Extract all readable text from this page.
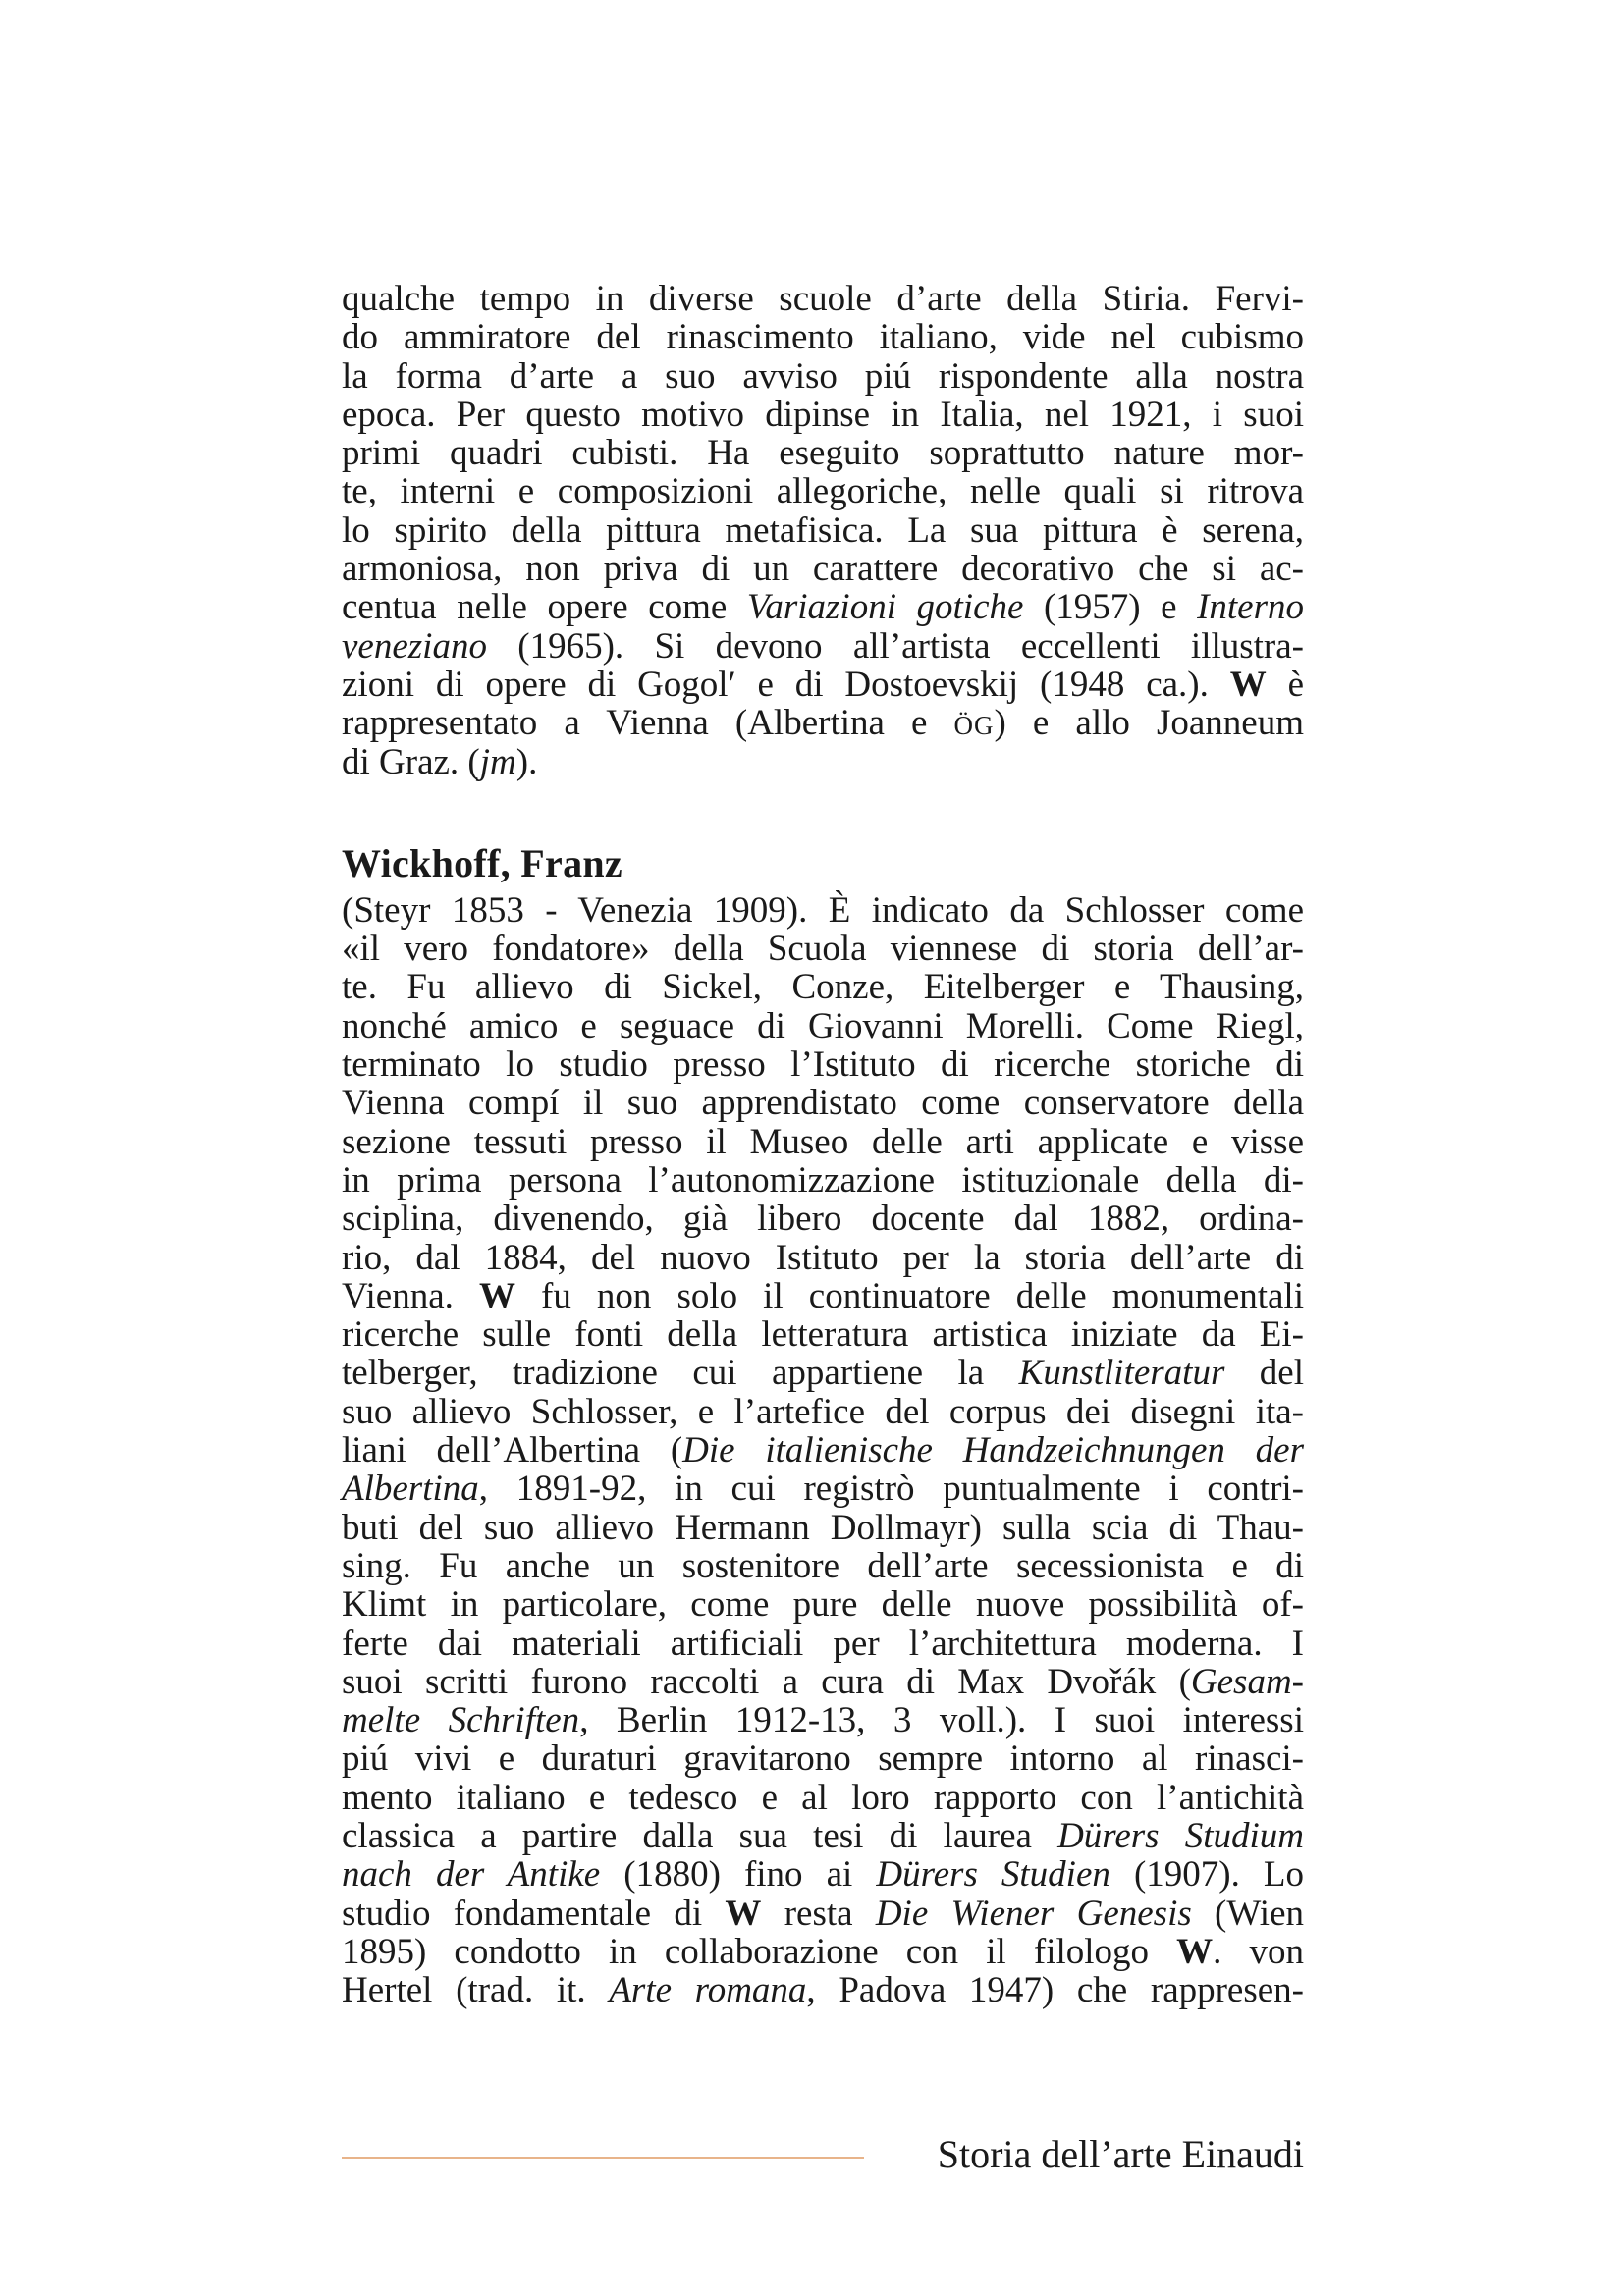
qualche tempo in diverse scuole d’arte della Stiria. Fervi-
do ammiratore del rinascimento italiano, vide nel cubismo
la forma d’arte a suo avviso piú rispondente alla nostra
epoca. Per questo motivo dipinse in Italia, nel 1921, i suoi
primi quadri cubisti. Ha eseguito soprattutto nature mor-
te, interni e composizioni allegoriche, nelle quali si ritrova
lo spirito della pittura metafisica. La sua pittura è serena,
armoniosa, non priva di un carattere decorativo che si ac-
centua nelle opere come Variazioni gotiche (1957) e Interno
veneziano (1965). Si devono all’artista eccellenti illustra-
zioni di opere di Gogol′ e di Dostoevskij (1948 ca.). W è
rappresentato a Vienna (Albertina e ÖG) e allo Joanneum
di Graz. (jm).
Wickhoff, Franz
(Steyr 1853 - Venezia 1909). È indicato da Schlosser come
«il vero fondatore» della Scuola viennese di storia dell’ar-
te. Fu allievo di Sickel, Conze, Eitelberger e Thausing,
nonché amico e seguace di Giovanni Morelli. Come Riegl,
terminato lo studio presso l’Istituto di ricerche storiche di
Vienna compí il suo apprendistato come conservatore della
sezione tessuti presso il Museo delle arti applicate e visse
in prima persona l’autonomizzazione istituzionale della di-
sciplina, divenendo, già libero docente dal 1882, ordina-
rio, dal 1884, del nuovo Istituto per la storia dell’arte di
Vienna. W fu non solo il continuatore delle monumentali
ricerche sulle fonti della letteratura artistica iniziate da Ei-
telberger, tradizione cui appartiene la Kunstliteratur del
suo allievo Schlosser, e l’artefice del corpus dei disegni ita-
liani dell’Albertina (Die italienische Handzeichnungen der
Albertina, 1891-92, in cui registrò puntualmente i contri-
buti del suo allievo Hermann Dollmayr) sulla scia di Thau-
sing. Fu anche un sostenitore dell’arte secessionista e di
Klimt in particolare, come pure delle nuove possibilità of-
ferte dai materiali artificiali per l’architettura moderna. I
suoi scritti furono raccolti a cura di Max Dvořák (Gesam-
melte Schriften, Berlin 1912-13, 3 voll.). I suoi interessi
piú vivi e duraturi gravitarono sempre intorno al rinasci-
mento italiano e tedesco e al loro rapporto con l’antichità
classica a partire dalla sua tesi di laurea Dürers Studium
nach der Antike (1880) fino ai Dürers Studien (1907). Lo
studio fondamentale di W resta Die Wiener Genesis (Wien
1895) condotto in collaborazione con il filologo W. von
Hertel (trad. it. Arte romana, Padova 1947) che rappresen-
Storia dell’arte Einaudi
